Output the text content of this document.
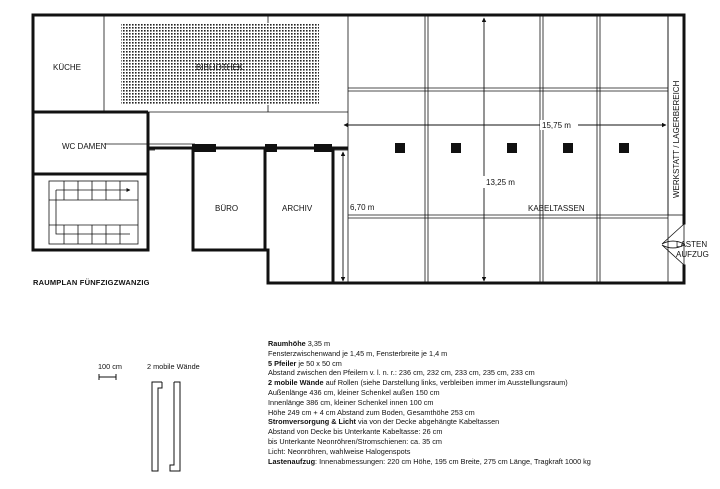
KÜCHE	BIBLIOTHEK
WC DAMEN
BÜRO	ARCHIV	KABELTASSEN
WERKSTATT / LAGERBEREICH
LASTEN
AUFZUG
15,75 m
13,25 m
6,70 m
RAUMPLAN FÜNFZIGZWANZIG
100 cm	2 mobile Wände
Raumhöhe 3,35 m
Fensterzwischenwand je 1,45 m, Fensterbreite je 1,4 m
5 Pfeiler je 50 x 50 cm
Abstand zwischen den Pfeilern v. l. n. r.: 236 cm, 232 cm, 233 cm, 235 cm, 233 cm
2 mobile Wände auf Rollen (siehe Darstellung links, verbleiben immer im Ausstellungsraum)
Außenlänge 436 cm, kleiner Schenkel außen 150 cm
Innenlänge 386 cm, kleiner Schenkel innen 100 cm
Höhe 249 cm + 4 cm Abstand zum Boden, Gesamthöhe 253 cm
Stromversorgung & Licht via von der Decke abgehängte Kabeltassen
Abstand von Decke bis Unterkante Kabeltasse: 26 cm
bis Unterkante Neonröhren/Stromschienen: ca. 35 cm
Licht: Neonröhren, wahlweise Halogenspots
Lastenaufzug: Innenabmessungen: 220 cm Höhe, 195 cm Breite, 275 cm Länge, Tragkraft 1000 kg
